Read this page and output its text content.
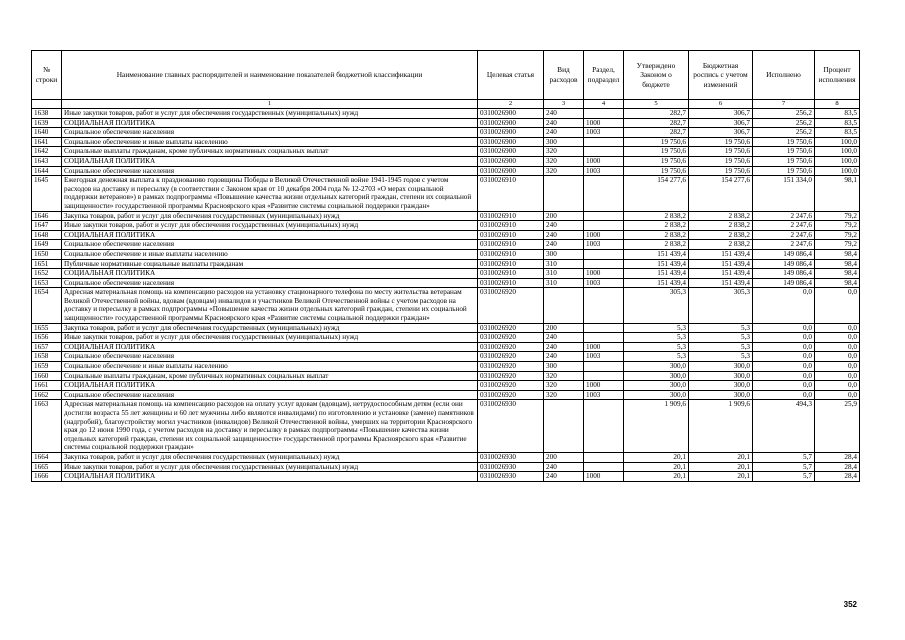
№ строки	Наименование главных распорядителей и наименование показателей бюджетной классификации	Целевая статья	Вид расходов	Раздел, подраздел	Утверждено Законом о бюджете	Бюджетная роспись с учетом изменений	Исполнено	Процент исполнения
	1	2	3	4	5	6	7	8
1638	Иные закупки товаров, работ и услуг для обеспечения государственных (муниципальных) нужд	0310026900	240		282,7	306,7	256,2	83,5
1639	СОЦИАЛЬНАЯ ПОЛИТИКА	0310026900	240	1000	282,7	306,7	256,2	83,5
1640	Социальное обеспечение населения	0310026900	240	1003	282,7	306,7	256,2	83,5
1641	Социальное обеспечение и иные выплаты населению	0310026900	300		19 750,6	19 750,6	19 750,6	100,0
1642	Социальные выплаты гражданам, кроме публичных нормативных социальных выплат	0310026900	320		19 750,6	19 750,6	19 750,6	100,0
1643	СОЦИАЛЬНАЯ ПОЛИТИКА	0310026900	320	1000	19 750,6	19 750,6	19 750,6	100,0
1644	Социальное обеспечение населения	0310026900	320	1003	19 750,6	19 750,6	19 750,6	100,0
1645	Ежегодная денежная выплата к празднованию годовщины Победы в Великой Отечественной войне 1941-1945 годов с учетом расходов на доставку и пересылку (в соответствии с Законом края от 10 декабря 2004 года № 12-2703 «О мерах социальной поддержки ветеранов») в рамках подпрограммы «Повышение качества жизни отдельных категорий граждан, степени их социальной защищенности» государственной программы Красноярского края «Развитие системы социальной поддержки граждан»	0310026910			154 277,6	154 277,6	151 334,0	98,1
1646	Закупка товаров, работ и услуг для обеспечения государственных (муниципальных) нужд	0310026910	200		2 838,2	2 838,2	2 247,6	79,2
1647	Иные закупки товаров, работ и услуг для обеспечения государственных (муниципальных) нужд	0310026910	240		2 838,2	2 838,2	2 247,6	79,2
1648	СОЦИАЛЬНАЯ ПОЛИТИКА	0310026910	240	1000	2 838,2	2 838,2	2 247,6	79,2
1649	Социальное обеспечение населения	0310026910	240	1003	2 838,2	2 838,2	2 247,6	79,2
1650	Социальное обеспечение и иные выплаты населению	0310026910	300		151 439,4	151 439,4	149 086,4	98,4
1651	Публичные нормативные социальные выплаты гражданам	0310026910	310		151 439,4	151 439,4	149 086,4	98,4
1652	СОЦИАЛЬНАЯ ПОЛИТИКА	0310026910	310	1000	151 439,4	151 439,4	149 086,4	98,4
1653	Социальное обеспечение населения	0310026910	310	1003	151 439,4	151 439,4	149 086,4	98,4
1654	Адресная материальная помощь на компенсацию расходов на установку стационарного телефона по месту жительства ветеранам Великой Отечественной войны, вдовам (вдовцам) инвалидов и участников Великой Отечественной войны с учетом расходов на доставку и пересылку в рамках подпрограммы «Повышение качества жизни отдельных категорий граждан, степени их социальной защищенности» государственной программы Красноярского края «Развитие системы социальной поддержки граждан»	0310026920			305,3	305,3	0,0	0,0
1655	Закупка товаров, работ и услуг для обеспечения государственных (муниципальных) нужд	0310026920	200		5,3	5,3	0,0	0,0
1656	Иные закупки товаров, работ и услуг для обеспечения государственных (муниципальных) нужд	0310026920	240		5,3	5,3	0,0	0,0
1657	СОЦИАЛЬНАЯ ПОЛИТИКА	0310026920	240	1000	5,3	5,3	0,0	0,0
1658	Социальное обеспечение населения	0310026920	240	1003	5,3	5,3	0,0	0,0
1659	Социальное обеспечение и иные выплаты населению	0310026920	300		300,0	300,0	0,0	0,0
1660	Социальные выплаты гражданам, кроме публичных нормативных социальных выплат	0310026920	320		300,0	300,0	0,0	0,0
1661	СОЦИАЛЬНАЯ ПОЛИТИКА	0310026920	320	1000	300,0	300,0	0,0	0,0
1662	Социальное обеспечение населения	0310026920	320	1003	300,0	300,0	0,0	0,0
1663	Адресная материальная помощь на компенсацию расходов на оплату услуг вдовам (вдовцам), нетрудоспособным детям (если они достигли возраста 55 лет женщины и 60 лет мужчины либо являются инвалидами) по изготовлению и установке (замене) памятников (надгробий), благоустройству могил участников (инвалидов) Великой Отечественной войны, умерших на территории Красноярского края до 12 июня 1990 года, с учетом расходов на доставку и пересылку в рамках подпрограммы «Повышение качества жизни отдельных категорий граждан, степени их социальной защищенности» государственной программы Красноярского края «Развитие системы социальной поддержки граждан»	0310026930			1 909,6	1 909,6	494,3	25,9
1664	Закупка товаров, работ и услуг для обеспечения государственных (муниципальных) нужд	0310026930	200		20,1	20,1	5,7	28,4
1665	Иные закупки товаров, работ и услуг для обеспечения государственных (муниципальных) нужд	0310026930	240		20,1	20,1	5,7	28,4
1666	СОЦИАЛЬНАЯ ПОЛИТИКА	0310026930	240	1000	20,1	20,1	5,7	28,4
352
